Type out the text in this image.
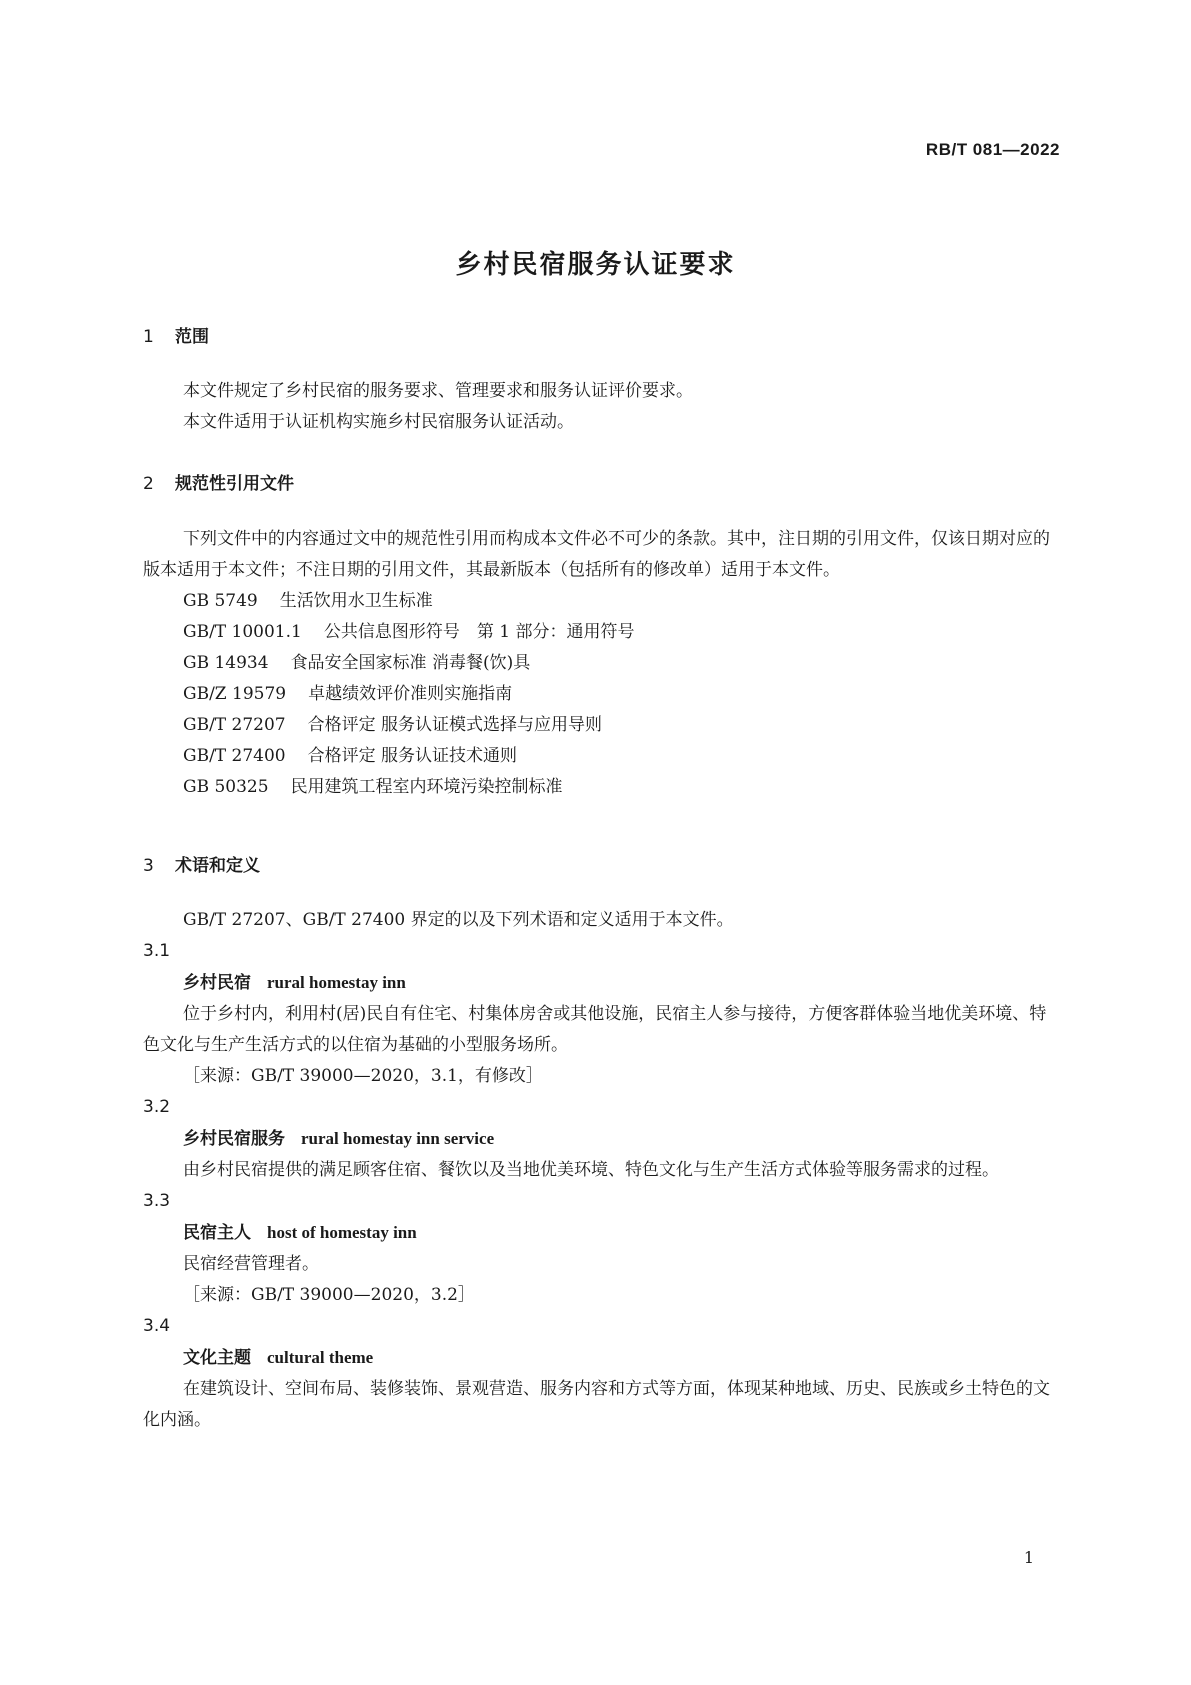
RB/T 081—2022
乡村民宿服务认证要求
1 范围

本文件规定了乡村民宿的服务要求、管理要求和服务认证评价要求。

本文件适用于认证机构实施乡村民宿服务认证活动。

2 规范性引用文件

下列文件中的内容通过文中的规范性引用而构成本文件必不可少的条款。其中，注日期的引用文件，仅该日期对应的版本适用于本文件；不注日期的引用文件，其最新版本（包括所有的修改单）适用于本文件。

GB 5749 生活饮用水卫生标准
GB/T 10001.1 公共信息图形符号　第 1 部分：通用符号
GB 14934 食品安全国家标准 消毒餐(饮)具
GB/Z 19579 卓越绩效评价准则实施指南
GB/T 27207 合格评定 服务认证模式选择与应用导则
GB/T 27400 合格评定 服务认证技术通则
GB 50325 民用建筑工程室内环境污染控制标准
3 术语和定义

GB/T 27207、GB/T 27400 界定的以及下列术语和定义适用于本文件。

3.1
乡村民宿 rural homestay inn

位于乡村内，利用村(居)民自有住宅、村集体房舍或其他设施，民宿主人参与接待，方便客群体验当地优美环境、特色文化与生产生活方式的以住宿为基础的小型服务场所。

［来源：GB/T 39000—2020，3.1，有修改］

3.2
乡村民宿服务 rural homestay inn service

由乡村民宿提供的满足顾客住宿、餐饮以及当地优美环境、特色文化与生产生活方式体验等服务需求的过程。

3.3
民宿主人 host of homestay inn

民宿经营管理者。

［来源：GB/T 39000—2020，3.2］

3.4
文化主题 cultural theme

在建筑设计、空间布局、装修装饰、景观营造、服务内容和方式等方面，体现某种地域、历史、民族或乡土特色的文化内涵。

1
